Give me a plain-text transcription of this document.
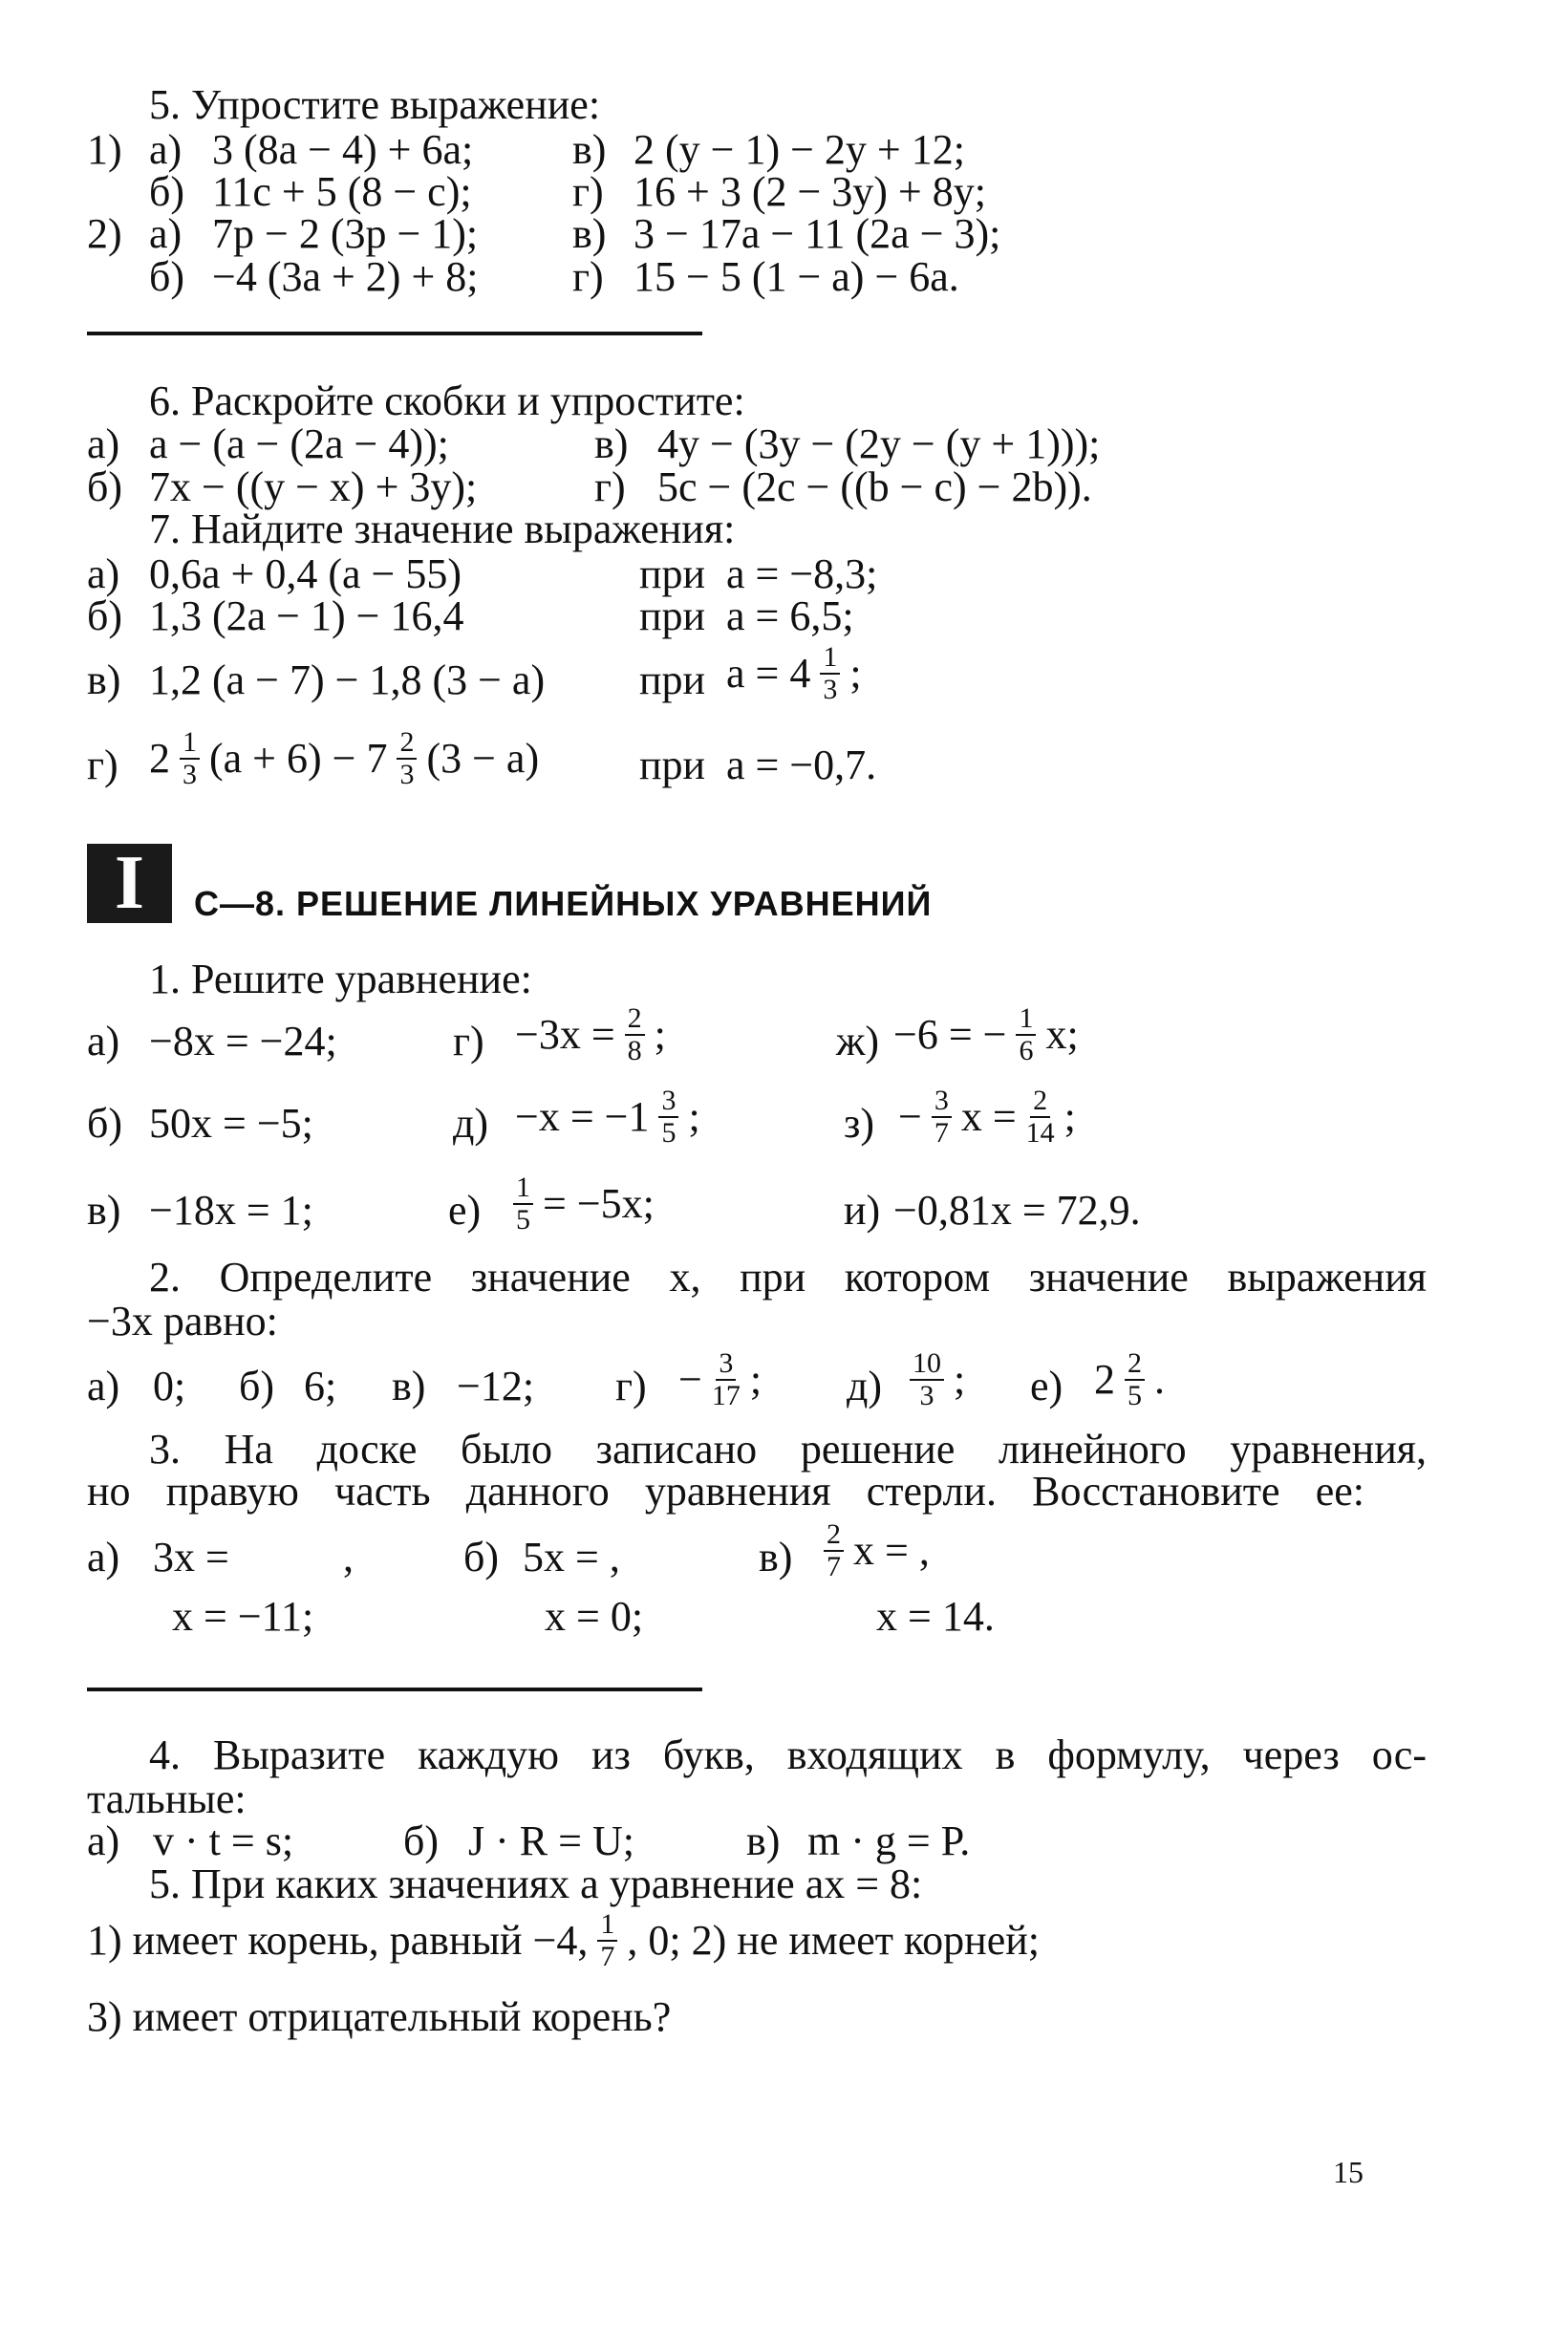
5. Упростите выражение:
1) а) 3 (8a − 4) + 6a; в) 2 (y − 1) − 2y + 12;
б) 11c + 5 (8 − c); г) 16 + 3 (2 − 3y) + 8y;
2) а) 7p − 2 (3p − 1); в) 3 − 17a − 11 (2a − 3);
б) −4 (3a + 2) + 8; г) 15 − 5 (1 − a) − 6a.
6. Раскройте скобки и упростите:
а) a − (a − (2a − 4));	в) 4y − (3y − (2y − (y + 1)));
б) 7x − ((y − x) + 3y);	г) 5c − (2c − ((b − c) − 2b)).
7. Найдите значение выражения:
а) 0,6a + 0,4 (a − 55)	при a = −8,3;
б) 1,3 (2a − 1) − 16,4	при a = 6,5;
в) 1,2 (a − 7) − 1,8 (3 − a) при $a = 4 \frac{1}{3}$ ;
г) $2 \frac{1}{3} (a + 6) - 7 \frac{2}{3} (3 - a)$ при a = −0,7.
I	С—8. РЕШЕНИЕ ЛИНЕЙНЫХ УРАВНЕНИЙ
1. Решите уравнение:
а) −8x = −24;	$г) -3x = \frac{2}{8}$ ;	ж) −6 = − $\frac{1}{6} x$;
б) 50x = −5;	$д) -x = -1 \frac{3}{5}$ ;	$з) - \frac{3}{7}$ $x = \frac{2}{14}$ ;
в) −18x = 1;	$е) \frac{1}{5} = -5x$;	и) −0,81x = 72,9.
2. Определите значение x, при котором значение выражения
−3x равно:
а) 0; б) 6; в) −12; $г) - \frac{3}{17}$ ; $д) \frac{10}{3}$ ; е) $2 \frac{2}{5}$ .
3. На доске было записано решение линейного уравнения,
но правую часть данного уравнения стерли. Восстановите ее:
а) 3x =	,	б) 5x = ,	$в) \frac{2}{7}$ x = ,
x = −11;	x = 0;	x = 14.
4. Выразите каждую из букв, входящих в формулу, через ос-
тальные:
а) v · t = s;	б) J · R = U;	в) m · g = P.
5. При каких значениях a уравнение ax = 8:
1) имеет корень, равный −4, $\frac{1}{7}$ , 0; 2) не имеет корней;
3) имеет отрицательный корень?
15
